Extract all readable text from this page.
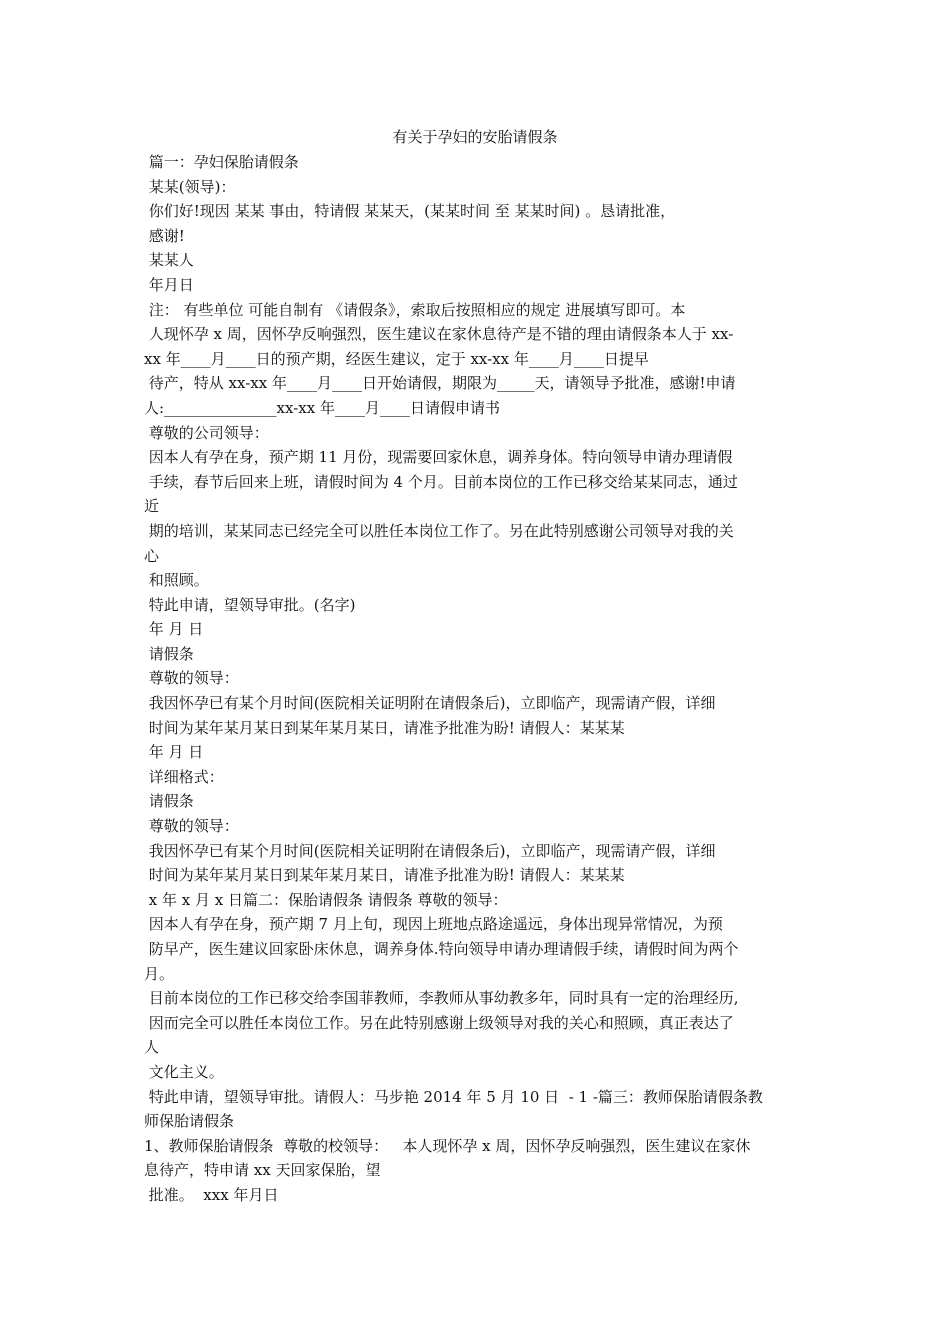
有关于孕妇的安胎请假条

篇一：孕妇保胎请假条

某某(领导)：

你们好!现因 某某 事由，特请假 某某天，(某某时间 至 某某时间) 。恳请批准，

感谢!

某某人

年月日

注： 有些单位 可能自制有 《请假条》，索取后按照相应的规定 进展填写即可。本

人现怀孕 x 周，因怀孕反响强烈，医生建议在家休息待产是不错的理由请假条本人于 xx-

xx 年____月____日的预产期，经医生建议，定于 xx-xx 年____月____日提早

待产，特从 xx-xx 年____月____日开始请假，期限为_____天，请领导予批准，感谢!申请

人:_______________xx-xx 年____月____日请假申请书

尊敬的公司领导：

因本人有孕在身，预产期 11 月份，现需要回家休息，调养身体。特向领导申请办理请假

手续，春节后回来上班，请假时间为 4 个月。目前本岗位的工作已移交给某某同志，通过

近

期的培训，某某同志已经完全可以胜任本岗位工作了。另在此特别感谢公司领导对我的关

心

和照顾。

特此申请，望领导审批。(名字)

年 月 日

请假条

尊敬的领导：

我因怀孕已有某个月时间(医院相关证明附在请假条后)，立即临产，现需请产假，详细

时间为某年某月某日到某年某月某日，请准予批准为盼! 请假人：某某某

年 月 日

详细格式：

请假条

尊敬的领导：

我因怀孕已有某个月时间(医院相关证明附在请假条后)，立即临产，现需请产假，详细

时间为某年某月某日到某年某月某日，请准予批准为盼! 请假人：某某某

x 年 x 月 x 日篇二：保胎请假条 请假条 尊敬的领导：

因本人有孕在身，预产期 7 月上旬，现因上班地点路途遥远，身体出现异常情况，为预

防早产，医生建议回家卧床休息，调养身体.特向领导申请办理请假手续，请假时间为两个

月。

目前本岗位的工作已移交给李国菲教师，李教师从事幼教多年，同时具有一定的治理经历,

因而完全可以胜任本岗位工作。另在此特别感谢上级领导对我的关心和照顾，真正表达了

人

文化主义。

特此申请，望领导审批。请假人：马步艳 2014 年 5 月 10 日  - 1 -篇三：教师保胎请假条教

师保胎请假条

1、教师保胎请假条  尊敬的校领导：   本人现怀孕 x 周，因怀孕反响强烈，医生建议在家休

息待产，特申请 xx 天回家保胎，望

批准。  xxx 年月日
